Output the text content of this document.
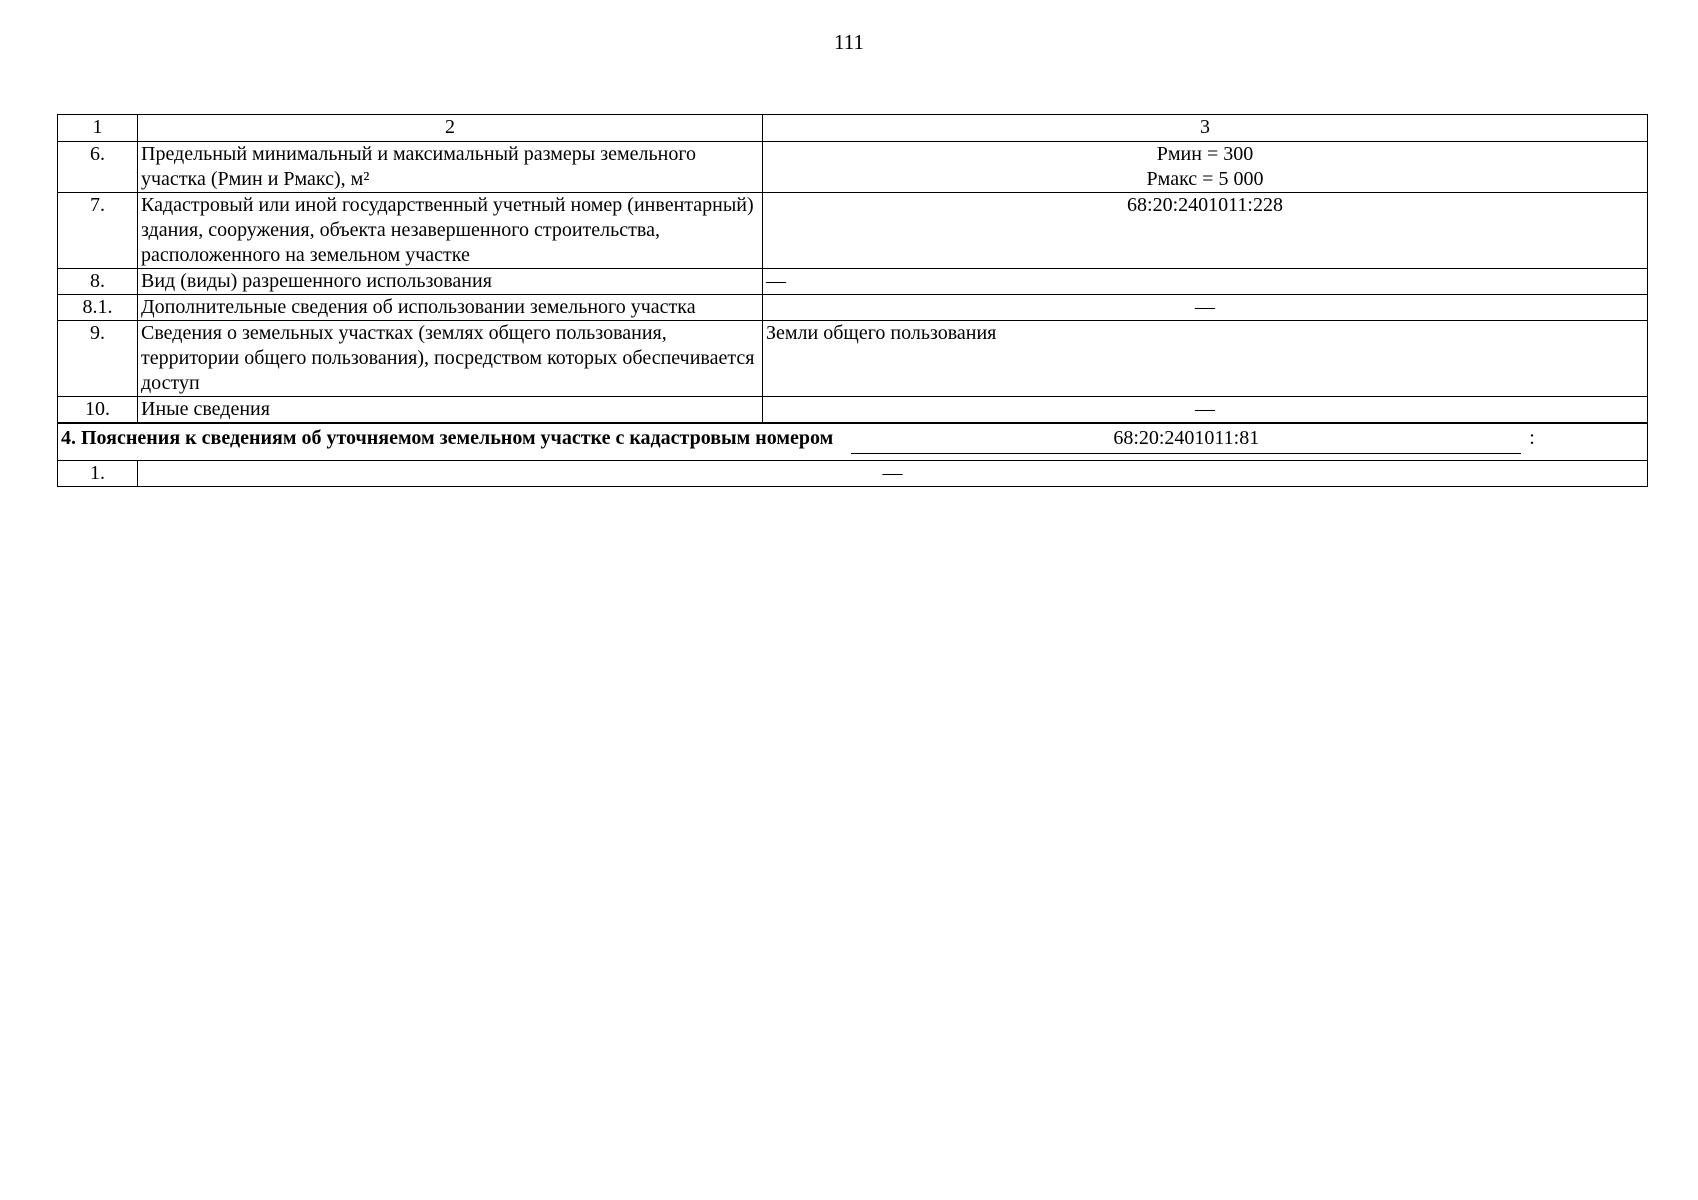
111
1	2	3
6.	Предельный минимальный и максимальный размеры земельного участка (Рмин и Рмакс), м²	Рмин = 300
Рмакс = 5 000

7.	Кадастровый или иной государственный учетный номер (инвентарный) здания, сооружения, объекта незавершенного строительства, расположенного на земельном участке	68:20:2401011:228
8.	Вид (виды) разрешенного использования	—
8.1.	Дополнительные сведения об использовании земельного участка	—
9.	Сведения о земельных участках (землях общего пользования, территории общего пользования), посредством которых обеспечивается доступ	Земли общего пользования
10.	Иные сведения	—

4. Пояснения к сведениям об уточняемом земельном участке с кадастровым номером 68:20:2401011:81 :		

1.	—	
